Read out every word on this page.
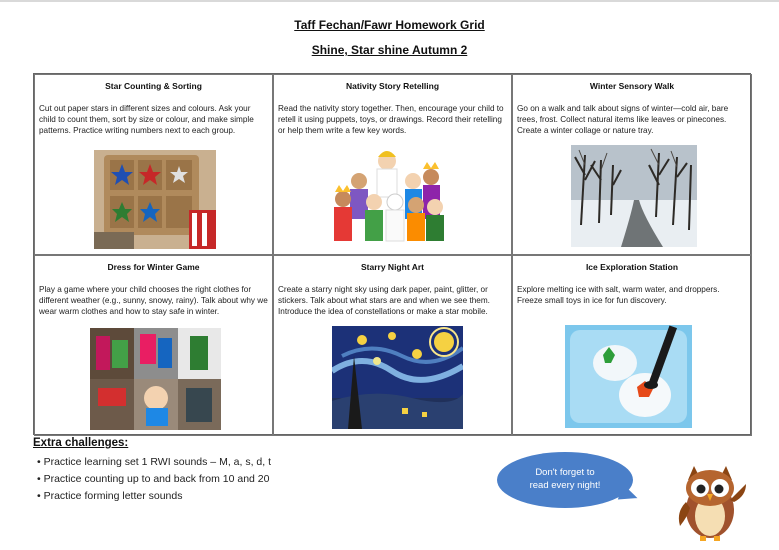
Taff Fechan/Fawr Homework Grid
Shine, Star shine Autumn 2
Star Counting & Sorting
Cut out paper stars in different sizes and colours. Ask your child to count them, sort by size or colour, and make simple patterns. Practice writing numbers next to each group.
Nativity Story Retelling
Read the nativity story together. Then, encourage your child to retell it using puppets, toys, or drawings. Record their retelling or help them write a few key words.
Winter Sensory Walk
Go on a walk and talk about signs of winter—cold air, bare trees, frost. Collect natural items like leaves or pinecones. Create a winter collage or nature tray.
Dress for Winter Game
Play a game where your child chooses the right clothes for different weather (e.g., sunny, snowy, rainy). Talk about why we wear warm clothes and how to stay safe in winter.
Starry Night Art
Create a starry night sky using dark paper, paint, glitter, or stickers. Talk about what stars are and when we see them. Introduce the idea of constellations or make a star mobile.
Ice Exploration Station
Explore melting ice with salt, warm water, and droppers. Freeze small toys in ice for fun discovery.
Extra challenges:
• Practice learning set 1 RWI sounds – M, a, s, d, t
• Practice counting up to and back from 10 and 20
• Practice forming letter sounds
Don't forget to
read every night!
